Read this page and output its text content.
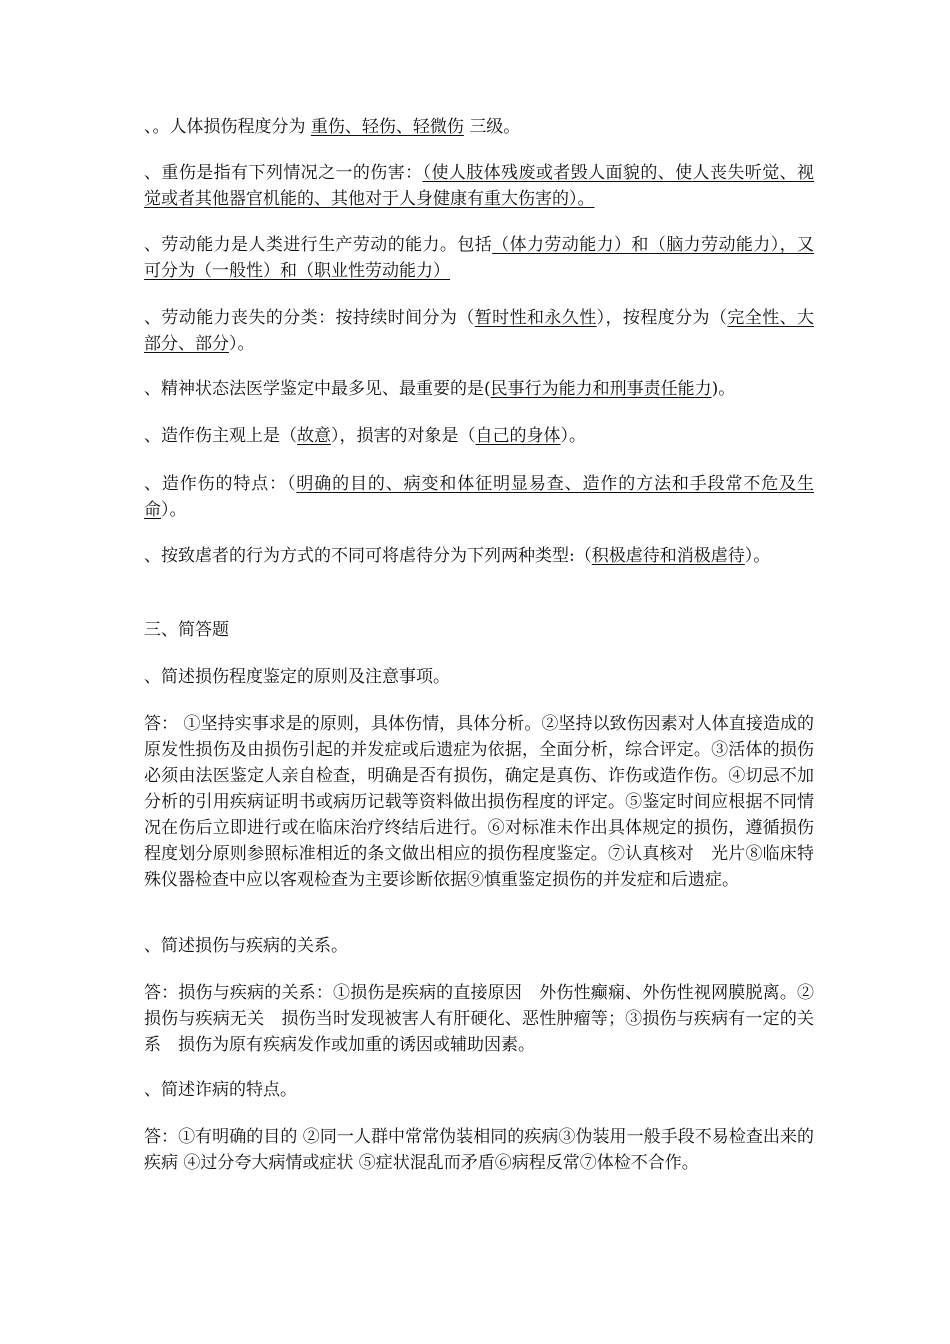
、。人体损伤程度分为 重伤、轻伤、轻微伤 三级。

、重伤是指有下列情况之一的伤害：（使人肢体残废或者毁人面貌的、使人丧失听觉、视觉或者其他器官机能的、其他对于人身健康有重大伤害的）。

、劳动能力是人类进行生产劳动的能力。包括（体力劳动能力）和（脑力劳动能力），又可分为（一般性）和（职业性劳动能力）

、劳动能力丧失的分类：按持续时间分为（暂时性和永久性），按程度分为（完全性、大部分、部分）。

、精神状态法医学鉴定中最多见、最重要的是(民事行为能力和刑事责任能力)。

、造作伤主观上是（故意），损害的对象是（自己的身体）。

、造作伤的特点：（明确的目的、病变和体征明显易查、造作的方法和手段常不危及生命）。

、按致虐者的行为方式的不同可将虐待分为下列两种类型:（积极虐待和消极虐待）。

三、简答题

、简述损伤程度鉴定的原则及注意事项。

答： ①坚持实事求是的原则，具体伤情，具体分析。②坚持以致伤因素对人体直接造成的原发性损伤及由损伤引起的并发症或后遗症为依据，全面分析，综合评定。③活体的损伤必须由法医鉴定人亲自检查，明确是否有损伤，确定是真伤、诈伤或造作伤。④切忌不加分析的引用疾病证明书或病历记载等资料做出损伤程度的评定。⑤鉴定时间应根据不同情况在伤后立即进行或在临床治疗终结后进行。⑥对标准未作出具体规定的损伤，遵循损伤程度划分原则参照标准相近的条文做出相应的损伤程度鉴定。⑦认真核对　光片⑧临床特殊仪器检查中应以客观检查为主要诊断依据⑨慎重鉴定损伤的并发症和后遗症。

、简述损伤与疾病的关系。

答：损伤与疾病的关系：①损伤是疾病的直接原因　外伤性癫痫、外伤性视网膜脱离。②损伤与疾病无关　损伤当时发现被害人有肝硬化、恶性肿瘤等；③损伤与疾病有一定的关系　损伤为原有疾病发作或加重的诱因或辅助因素。

、简述诈病的特点。

答：①有明确的目的 ②同一人群中常常伪装相同的疾病③伪装用一般手段不易检查出来的疾病 ④过分夸大病情或症状 ⑤症状混乱而矛盾⑥病程反常⑦体检不合作。
